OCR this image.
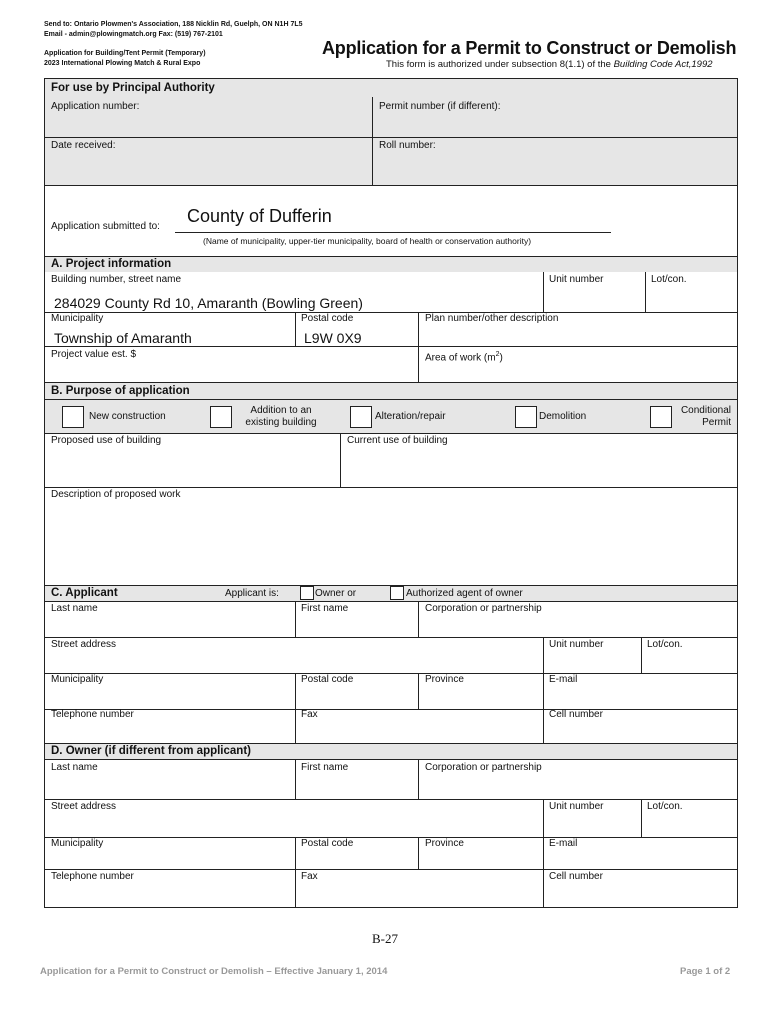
Send to: Ontario Plowmen's Association, 188 Nicklin Rd, Guelph, ON N1H 7L5
Email - admin@plowingmatch.org Fax: (519) 767-2101
Application for Building/Tent Permit (Temporary)
2023 International Plowing Match & Rural Expo
Application for a Permit to Construct or Demolish
This form is authorized under subsection 8(1.1) of the Building Code Act,1992
For use by Principal Authority
Application number:	Permit number (if different):
Date received:	Roll number:
Application submitted to:
County of Dufferin
(Name of municipality, upper-tier municipality, board of health or conservation authority)
A. Project information
Building number, street name	Unit number	Lot/con.
284029 County Rd 10, Amaranth (Bowling Green)
Municipality	Postal code	Plan number/other description
Township of Amaranth	L9W 0X9
Project value est. $	Area of work $(m^2)$
B. Purpose of application
New construction
Addition to an
existing building
Alteration/repair	Demolition
Conditional
Permit
Proposed use of building	Current use of building
Description of proposed work
C. Applicant	Applicant is:	Owner or	Authorized agent of owner
Last name	First name	Corporation or partnership
Street address	Unit number	Lot/con.
Municipality	Postal code	Province	E-mail
Telephone number	Fax	Cell number
D. Owner (if different from applicant)
Last name	First name	Corporation or partnership
Street address	Unit number	Lot/con.
Municipality	Postal code	Province	E-mail
Telephone number	Fax	Cell number
B-27
Application for a Permit to Construct or Demolish – Effective January 1, 2014	Page 1 of 2
